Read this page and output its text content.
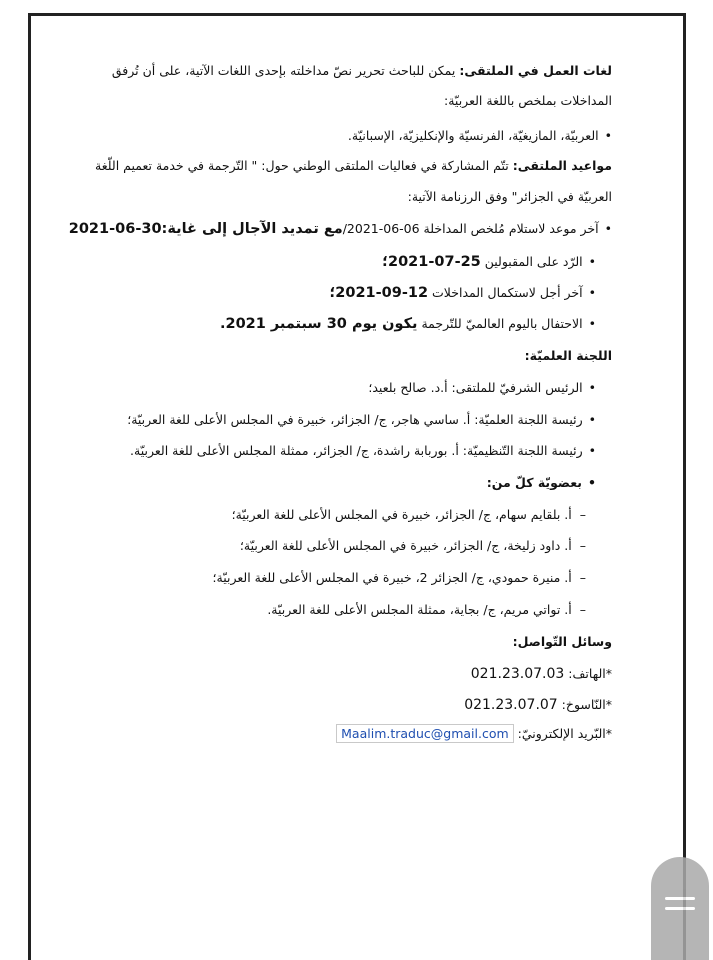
لغات العمل في الملتقى: يمكن للباحث تحرير نصّ مداخلته بإحدى اللغات الآتية، على أن تُرفق
المداخلات بملخص باللغة العربيّة:
•العربيّة، المازيغيّة، الفرنسيّة والإنكليزيّة، الإسبانيّة.
مواعيد الملتقى: تتّم المشاركة في فعاليات الملتقى الوطني حول: " التّرجمة في خدمة تعميم اللّغة
العربيّة في الجزائر" وفق الرزنامة الآتية:
•آخر موعد لاستلام مُلخص المداخلة 06-06-2021/مع تمديد الآجال إلى غاية:30-06-2021
•الرّد على المقبولين 25-07-2021؛
•آخر أجل لاستكمال المداخلات 12-09-2021؛
•الاحتفال باليوم العالميّ للتّرجمة يكون يوم 30 سبتمبر 2021.
اللجنة العلميّة:
•الرئيس الشرفيّ للملتقى: أ.د. صالح بلعيد؛
•رئيسة اللجنة العلميّة: أ. ساسي هاجر، ج/ الجزائر، خبيرة في المجلس الأعلى للغة العربيّة؛
•رئيسة اللجنة التّنظيميّة: أ. بوربابة راشدة، ج/ الجزائر، ممثلة المجلس الأعلى للغة العربيّة.
•بعضويّة كلّ من:
–أ. بلقايم سهام، ج/ الجزائر، خبيرة في المجلس الأعلى للغة العربيّة؛
–أ. داود زليخة، ج/ الجزائر، خبيرة في المجلس الأعلى للغة العربيّة؛
–أ. منيرة حمودي، ج/ الجزائر 2، خبيرة في المجلس الأعلى للغة العربيّة؛
–أ. تواتي مريم، ج/ بجاية، ممثلة المجلس الأعلى للغة العربيّة.
وسائل التّواصل:
*الهاتف: 021.23.07.03
*النّاسوخ: 021.23.07.07
*البّريد الإلكترونيّ: Maalim.traduc@gmail.com
